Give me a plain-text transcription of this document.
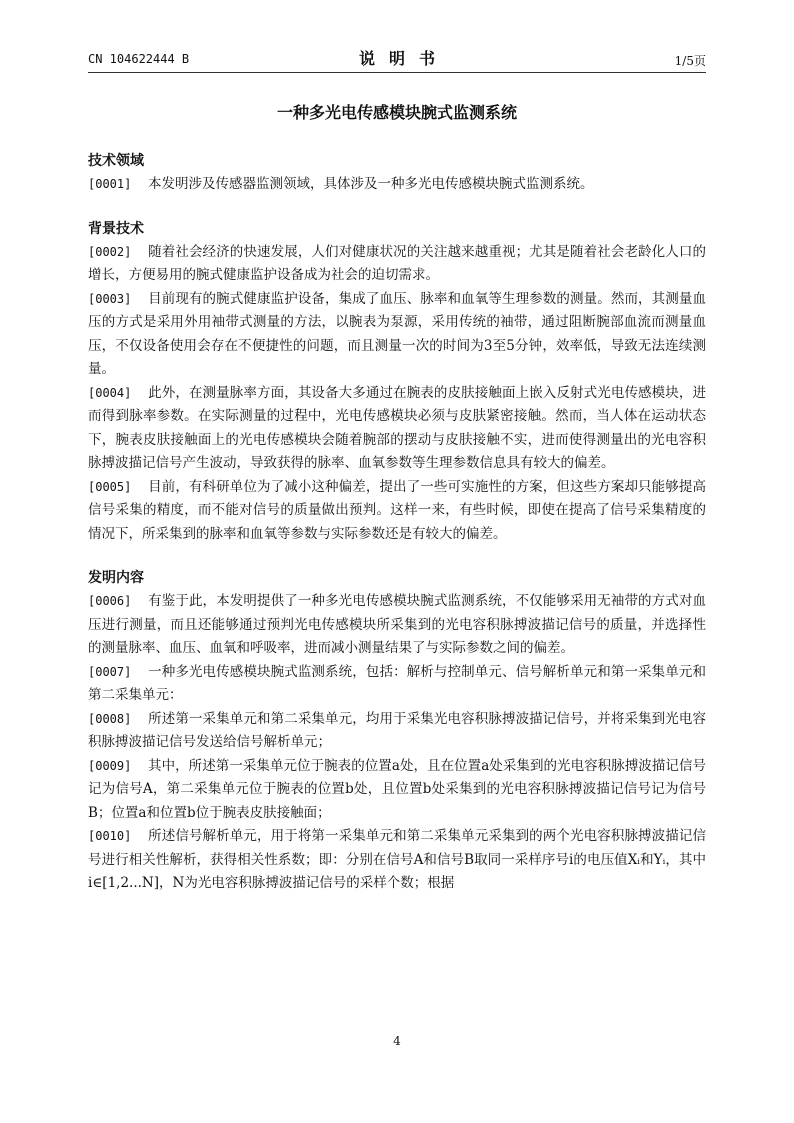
CN 104622444 B	说明书	1/5页
一种多光电传感模块腕式监测系统
技术领域

[0001] 本发明涉及传感器监测领域，具体涉及一种多光电传感模块腕式监测系统。

背景技术

[0002] 随着社会经济的快速发展，人们对健康状况的关注越来越重视；尤其是随着社会老龄化人口的增长，方便易用的腕式健康监护设备成为社会的迫切需求。

[0003] 目前现有的腕式健康监护设备，集成了血压、脉率和血氧等生理参数的测量。然而，其测量血压的方式是采用外用袖带式测量的方法，以腕表为泵源，采用传统的袖带，通过阻断腕部血流而测量血压，不仅设备使用会存在不便捷性的问题，而且测量一次的时间为3至5分钟，效率低，导致无法连续测量。

[0004] 此外，在测量脉率方面，其设备大多通过在腕表的皮肤接触面上嵌入反射式光电传感模块，进而得到脉率参数。在实际测量的过程中，光电传感模块必须与皮肤紧密接触。然而，当人体在运动状态下，腕表皮肤接触面上的光电传感模块会随着腕部的摆动与皮肤接触不实，进而使得测量出的光电容积脉搏波描记信号产生波动，导致获得的脉率、血氧参数等生理参数信息具有较大的偏差。

[0005] 目前，有科研单位为了减小这种偏差，提出了一些可实施性的方案，但这些方案却只能够提高信号采集的精度，而不能对信号的质量做出预判。这样一来，有些时候，即使在提高了信号采集精度的情况下，所采集到的脉率和血氧等参数与实际参数还是有较大的偏差。

发明内容

[0006] 有鉴于此，本发明提供了一种多光电传感模块腕式监测系统，不仅能够采用无袖带的方式对血压进行测量，而且还能够通过预判光电传感模块所采集到的光电容积脉搏波描记信号的质量，并选择性的测量脉率、血压、血氧和呼吸率，进而减小测量结果了与实际参数之间的偏差。

[0007] 一种多光电传感模块腕式监测系统，包括：解析与控制单元、信号解析单元和第一采集单元和第二采集单元：

[0008] 所述第一采集单元和第二采集单元，均用于采集光电容积脉搏波描记信号，并将采集到光电容积脉搏波描记信号发送给信号解析单元；

[0009] 其中，所述第一采集单元位于腕表的位置a处，且在位置a处采集到的光电容积脉搏波描记信号记为信号A，第二采集单元位于腕表的位置b处，且位置b处采集到的光电容积脉搏波描记信号记为信号B；位置a和位置b位于腕表皮肤接触面；

[0010] 所述信号解析单元，用于将第一采集单元和第二采集单元采集到的两个光电容积脉搏波描记信号进行相关性解析，获得相关性系数；即：分别在信号A和信号B取同一采样序号i的电压值Xᵢ和Yᵢ，其中i∈[1,2...N]，N为光电容积脉搏波描记信号的采样个数；根据

4
